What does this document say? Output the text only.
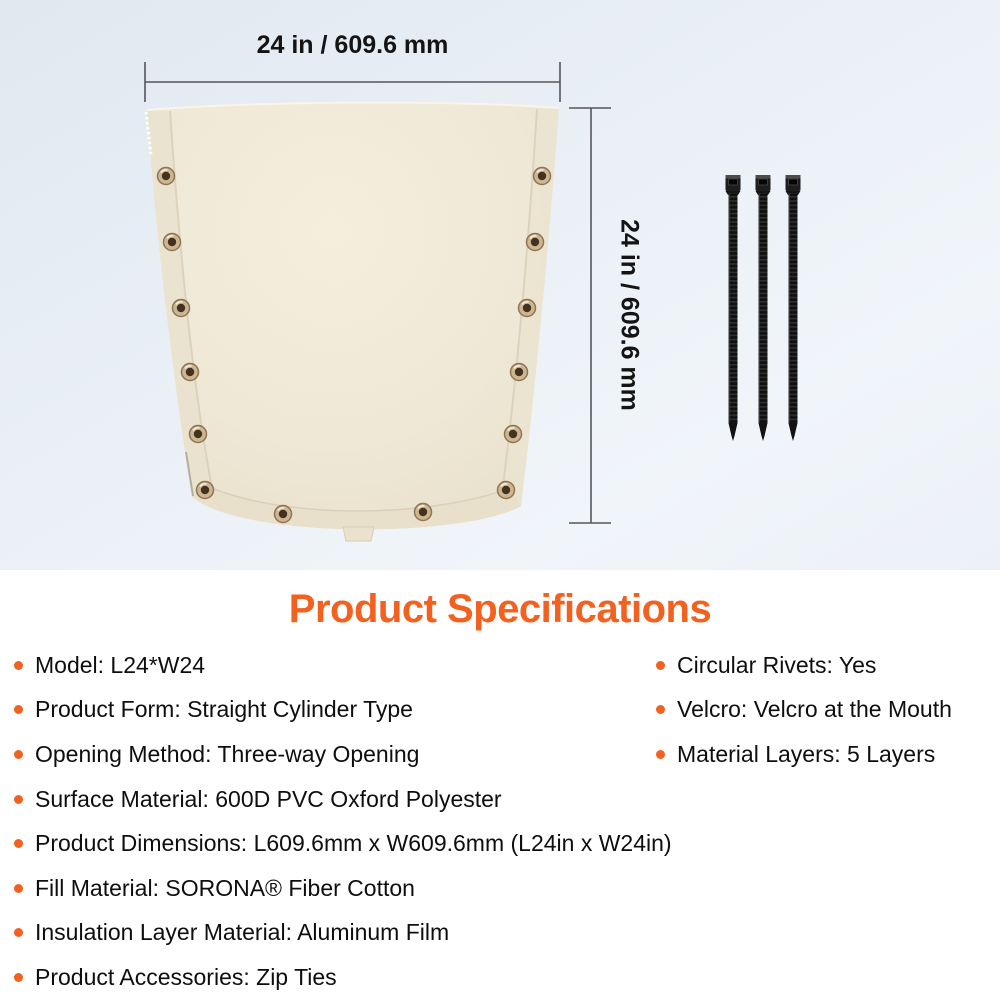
24 in / 609.6 mm
24 in / 609.6 mm
Product Specifications
Model: L24*W24
Product Form: Straight Cylinder Type
Opening Method: Three-way Opening
Surface Material: 600D PVC Oxford Polyester
Product Dimensions: L609.6mm x W609.6mm (L24in x W24in)
Fill Material: SORONA® Fiber Cotton
Insulation Layer Material: Aluminum Film
Product Accessories: Zip Ties
Circular Rivets: Yes
Velcro: Velcro at the Mouth
Material Layers: 5 Layers
